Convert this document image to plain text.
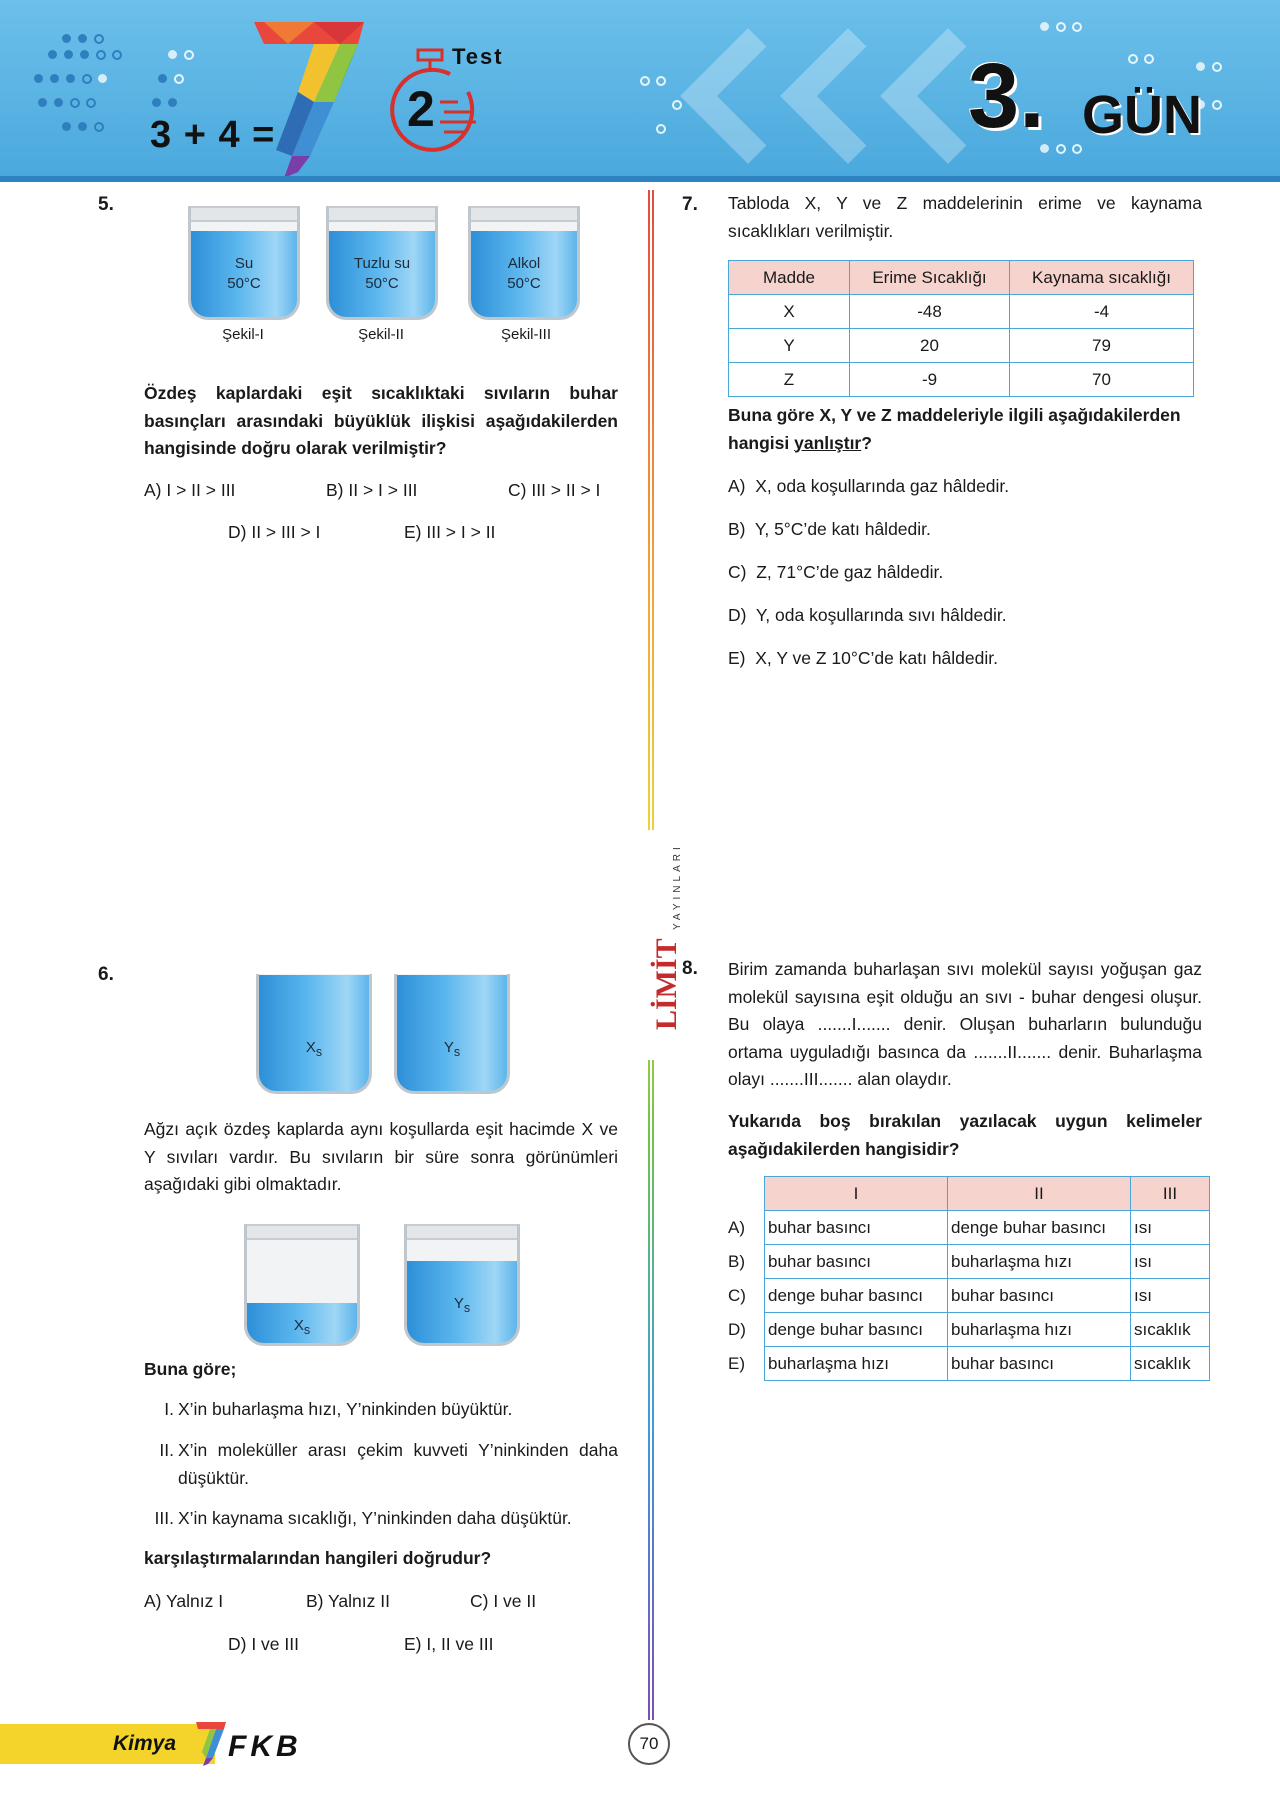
3 + 4 =
Test
2	3. GÜN
LİMİT
YAYINLARI
5.
Su
50°C
Şekil-I
Tuzlu su
50°C
Şekil-II
Alkol
50°C
Şekil-III
Özdeş kaplardaki eşit sıcaklıktaki sıvıların buhar basınçları arasındaki büyüklük ilişkisi aşağıdakilerden hangisinde doğru olarak verilmiştir?
A) I > II > III	B) II > I > III	C) III > II > I
D) II > III > I	E) III > I > II
6.
$X_s$	$Y_s$
Ağzı açık özdeş kaplarda aynı koşullarda eşit hacimde X ve Y sıvıları vardır. Bu sıvıların bir süre sonra görünümleri aşağıdaki gibi olmaktadır.
$X_s$
$Y_s$
Buna göre;
I. X’in buharlaşma hızı, Y’ninkinden büyüktür.
II. X’in moleküller arası çekim kuvveti Y’ninkinden daha düşüktür.
III. X’in kaynama sıcaklığı, Y’ninkinden daha düşüktür.
karşılaştırmalarından hangileri doğrudur?
A) Yalnız I	B) Yalnız II	C) I ve II
D) I ve III	E) I, II ve III
7. Tabloda X, Y ve Z maddelerinin erime ve kaynama sıcaklıkları verilmiştir.
Madde	Erime Sıcaklığı	Kaynama sıcaklığı
X	-48	-4
Y	20	79
Z	-9	70
Buna göre X, Y ve Z maddeleriyle ilgili aşağıdakilerden hangisi yanlıştır?
A) X, oda koşullarında gaz hâldedir.
B) Y, 5°C’de katı hâldedir.
C) Z, 71°C’de gaz hâldedir.
D) Y, oda koşullarında sıvı hâldedir.
E) X, Y ve Z 10°C’de katı hâldedir.
8. Birim zamanda buharlaşan sıvı molekül sayısı yoğuşan gaz molekül sayısına eşit olduğu an sıvı - buhar dengesi oluşur. Bu olaya .......I....... denir. Oluşan buharların bulunduğu ortama uyguladığı basınca da .......II....... denir. Buharlaşma olayı .......III....... alan olaydır.
Yukarıda boş bırakılan yazılacak uygun kelimeler aşağıdakilerden hangisidir?
	I	II	III
A)	buhar basıncı	denge buhar basıncı	ısı
B)	buhar basıncı	buharlaşma hızı	ısı
C)	denge buhar basıncı	buhar basıncı	ısı
D)	denge buhar basıncı	buharlaşma hızı	sıcaklık
E)	buharlaşma hızı	buhar basıncı	sıcaklık
Kimya FKB	70
